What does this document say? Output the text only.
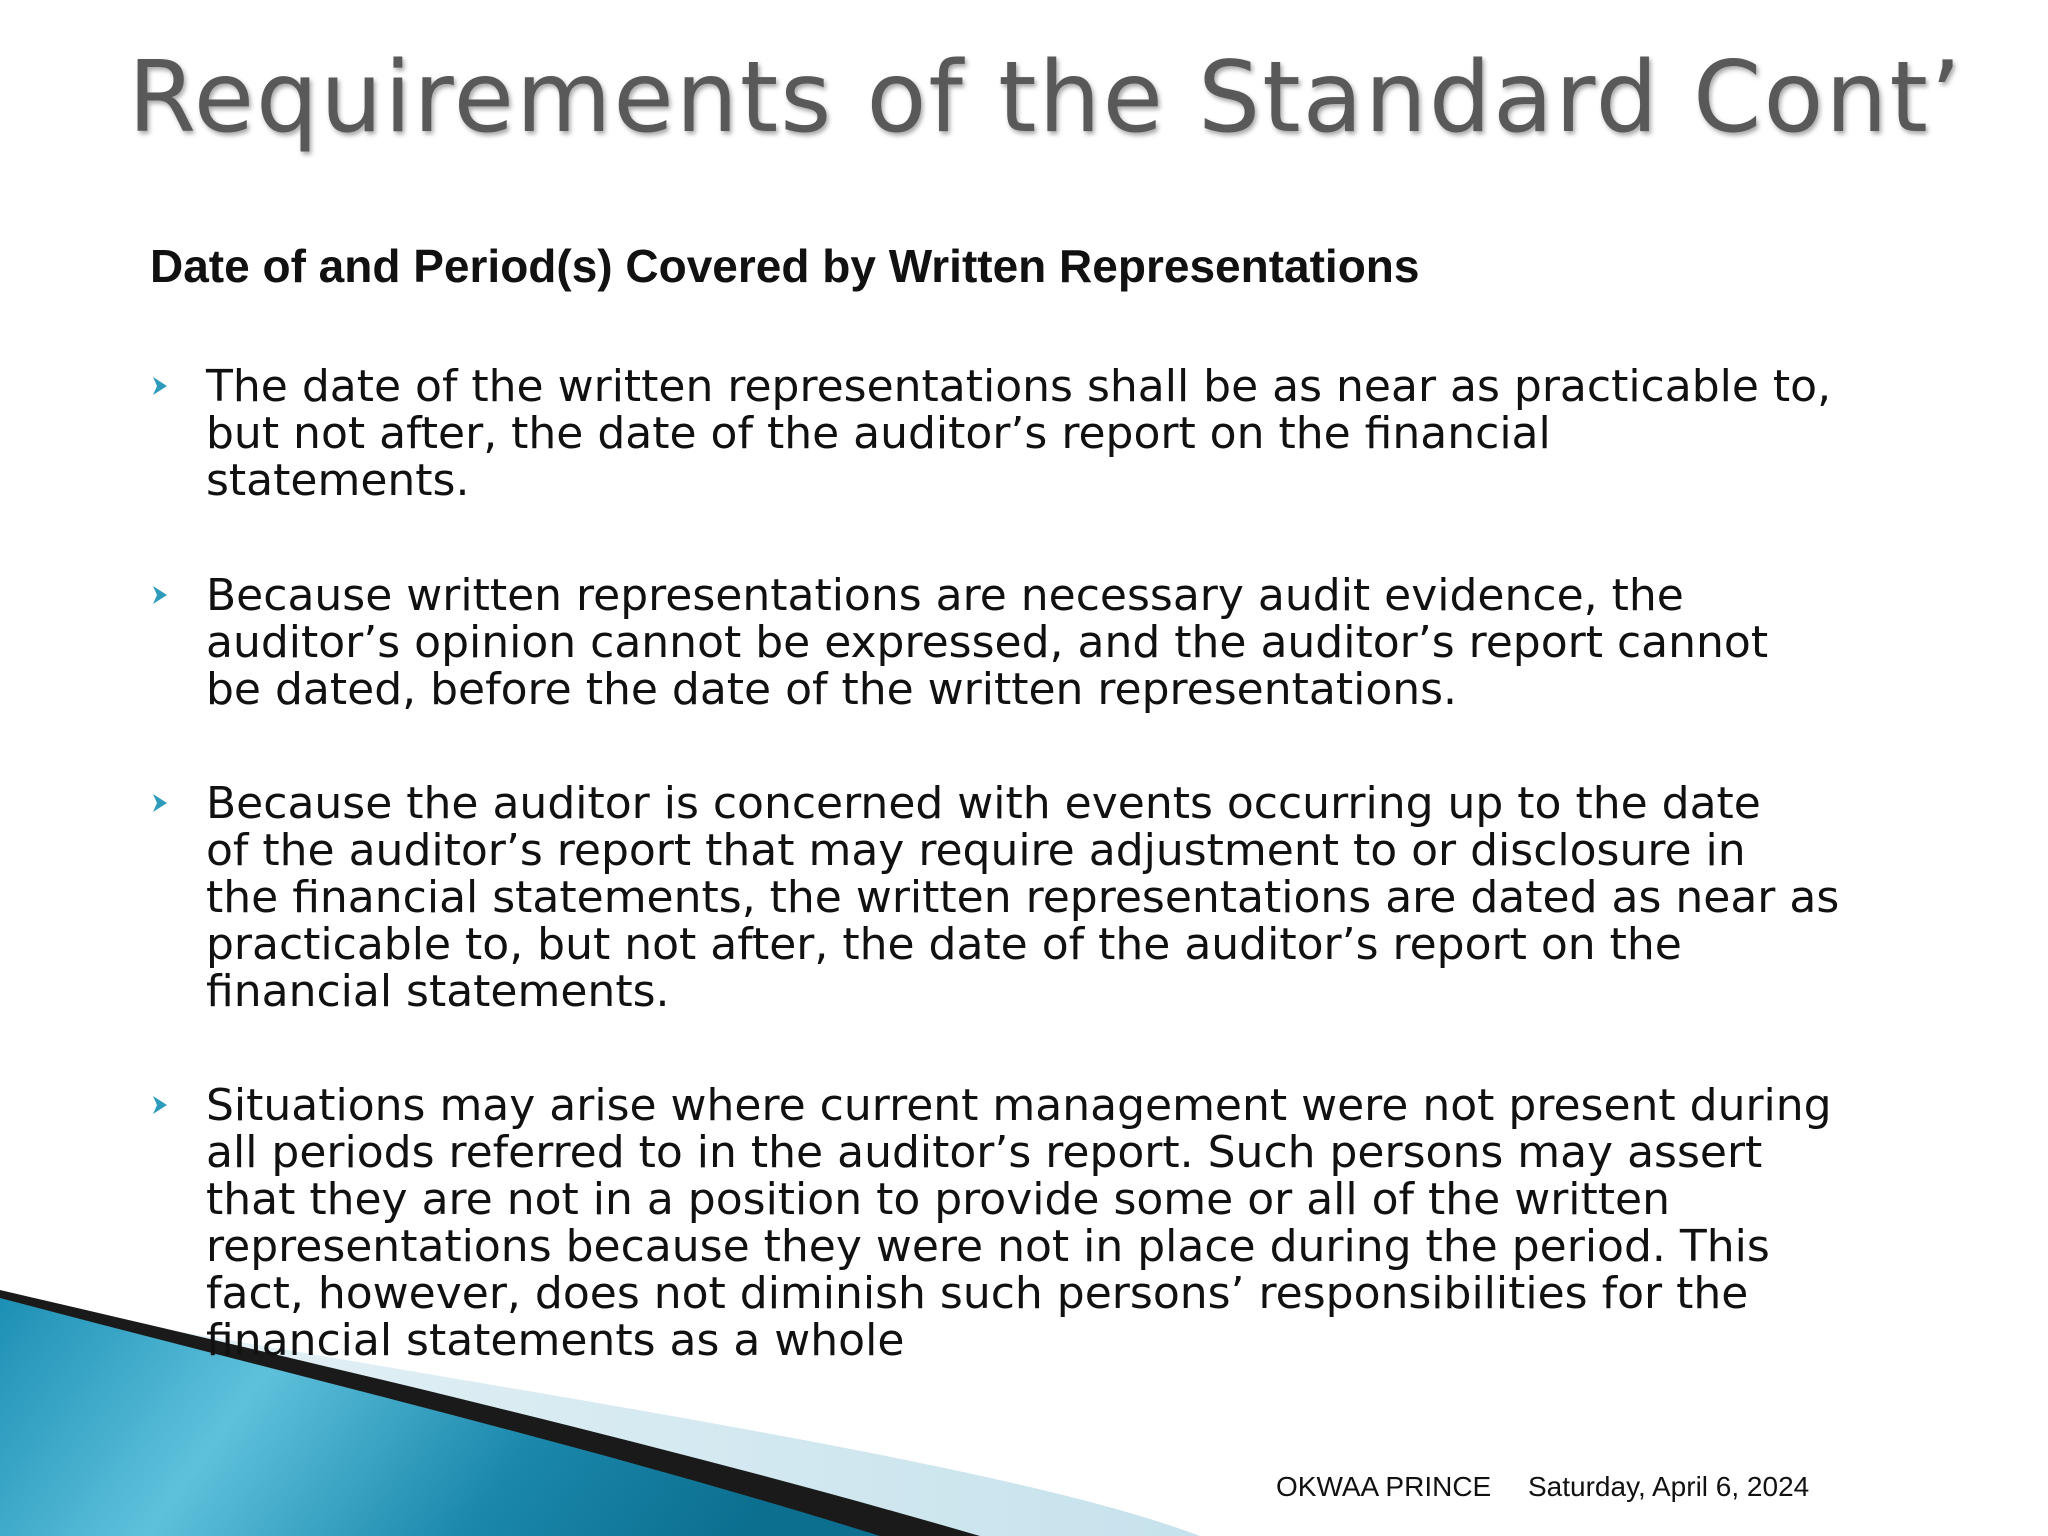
Requirements of the Standard Cont’
Date of and Period(s) Covered by Written Representations
The date of the written representations shall be as near as practicable to,
but not after, the date of the auditor’s report on the financial
statements.
Because written representations are necessary audit evidence, the
auditor’s opinion cannot be expressed, and the auditor’s report cannot
be dated, before the date of the written representations.
Because the auditor is concerned with events occurring up to the date
of the auditor’s report that may require adjustment to or disclosure in
the financial statements, the written representations are dated as near as
practicable to, but not after, the date of the auditor’s report on the
financial statements.
Situations may arise where current management were not present during
all periods referred to in the auditor’s report. Such persons may assert
that they are not in a position to provide some or all of the written
representations because they were not in place during the period. This
fact, however, does not diminish such persons’ responsibilities for the
financial statements as a whole
OKWAA PRINCE Saturday, April 6, 2024
